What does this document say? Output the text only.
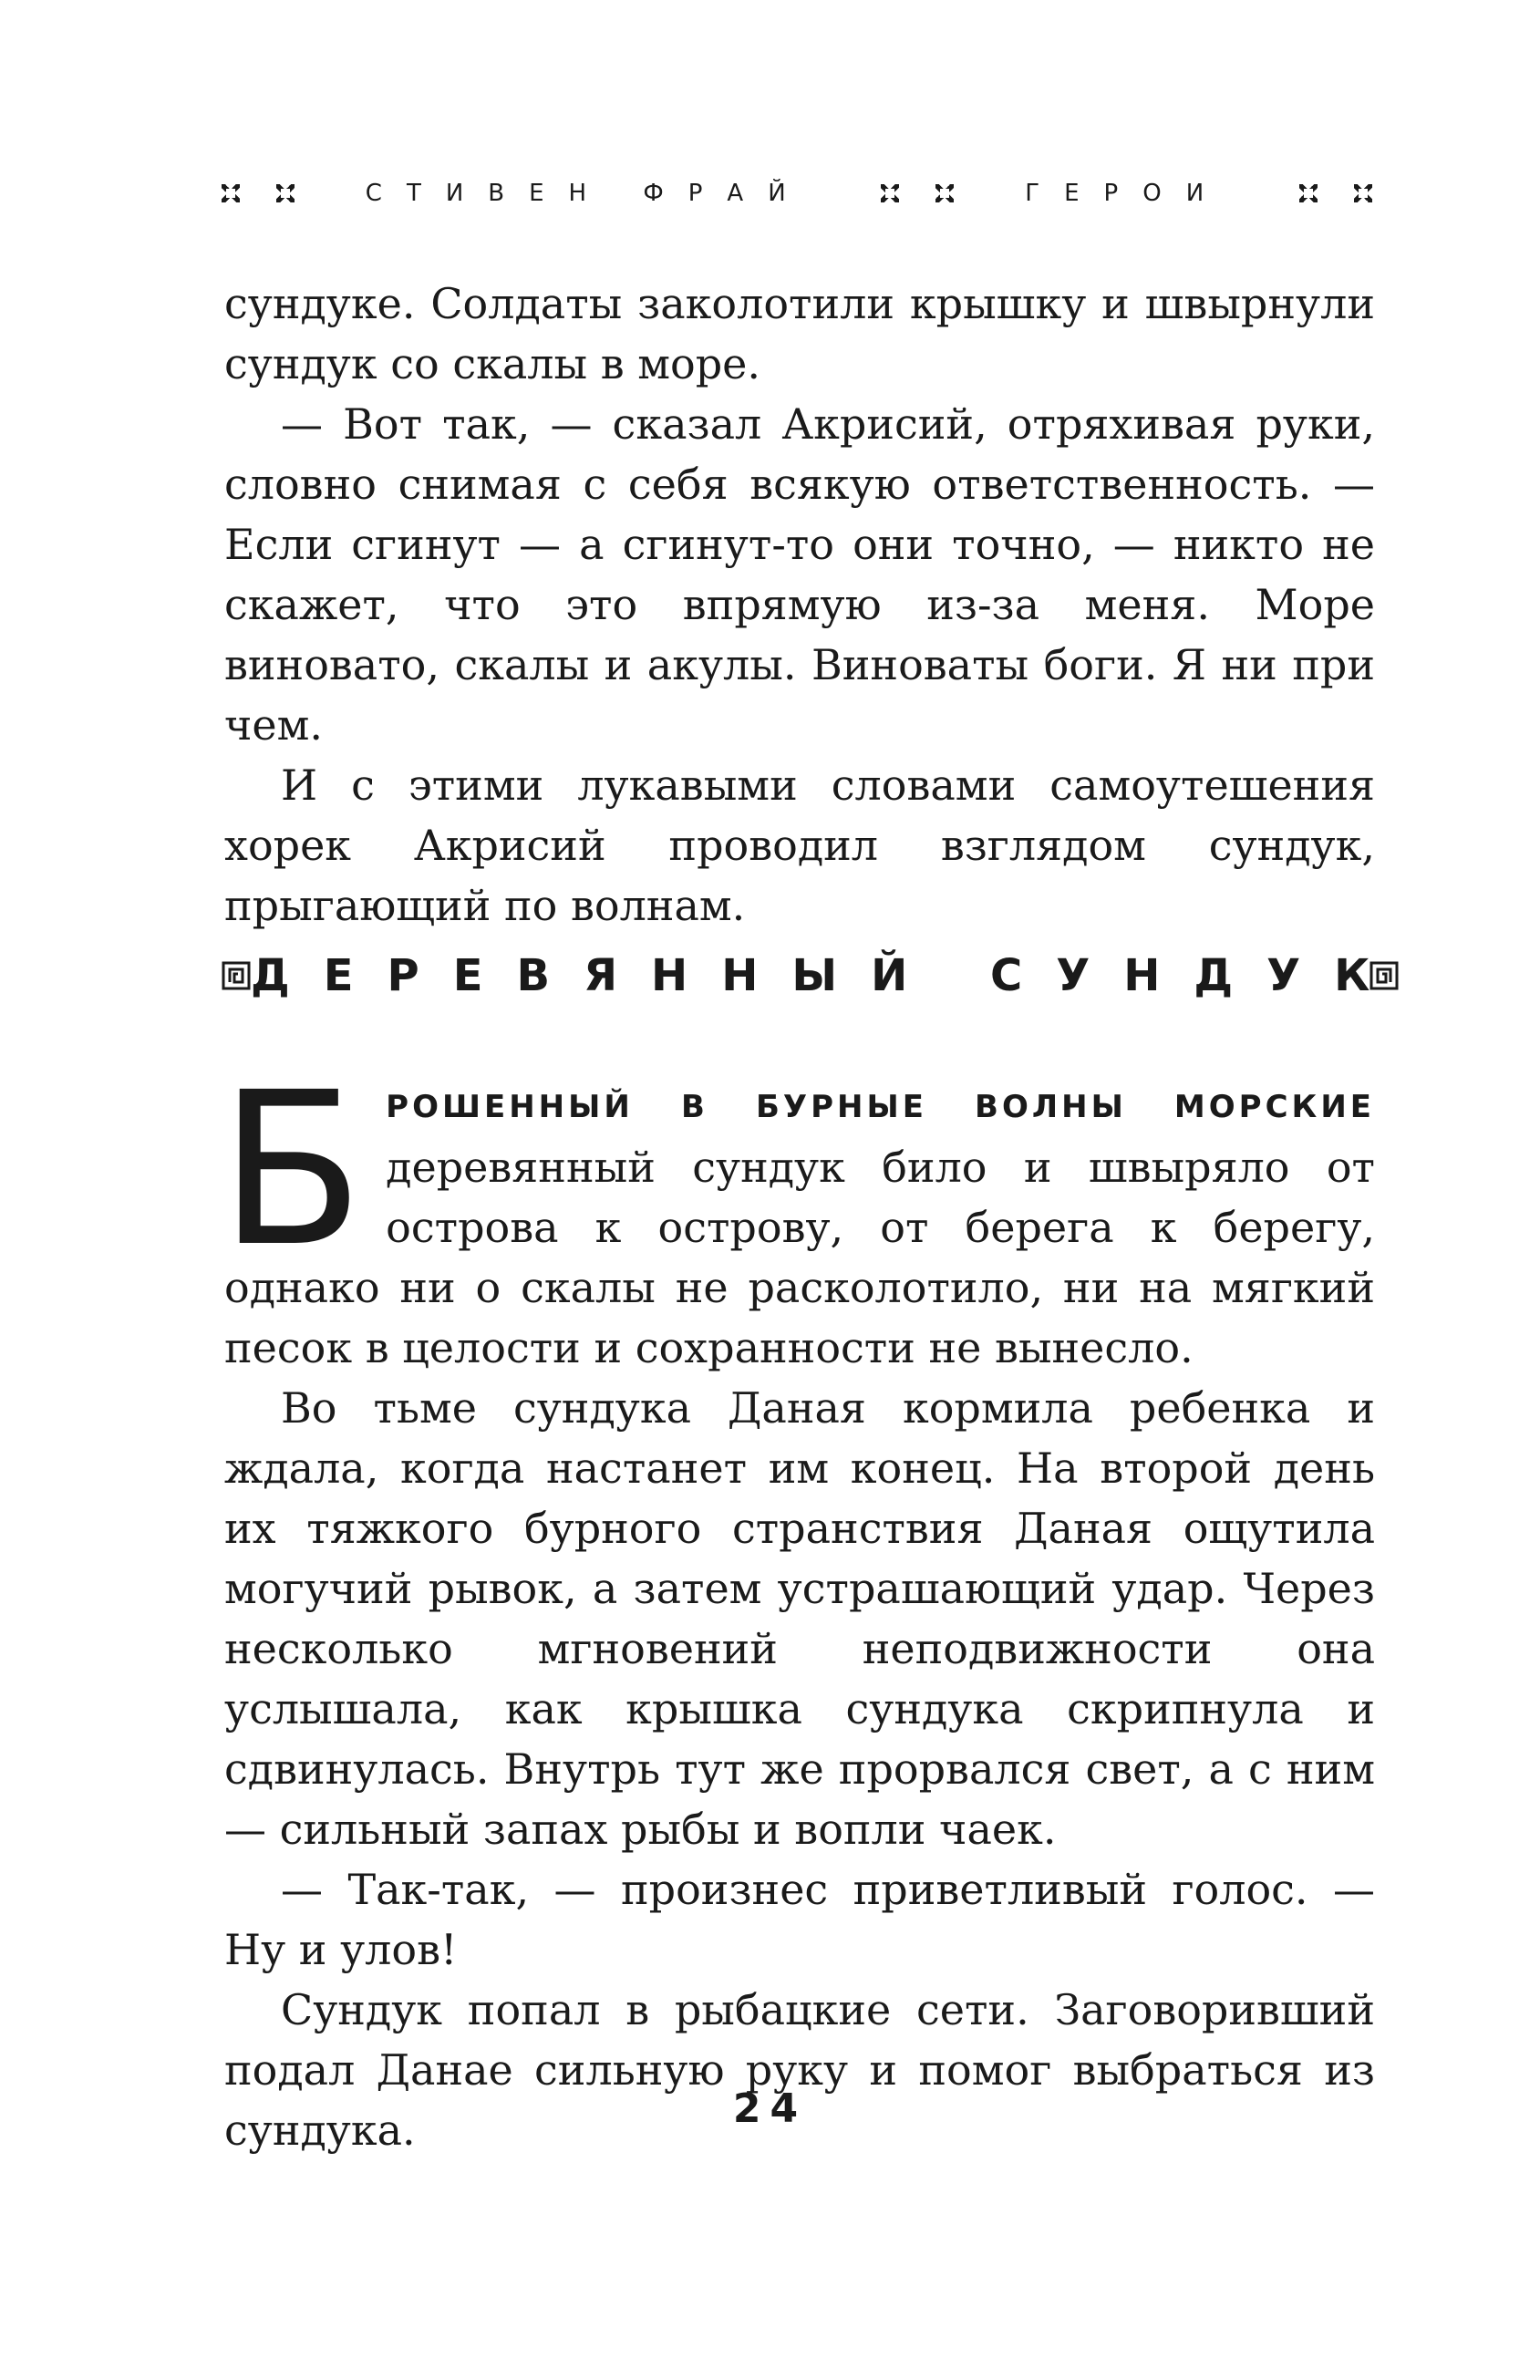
СТИВЕН ФРАЙ	ГЕРОИ

сундуке. Солдаты заколотили крышку и швырнули сундук со скалы в море.

— Вот так, — сказал Акрисий, отряхивая руки, словно снимая с себя всякую ответственность. — Если сгинут — а сгинут-то они точно, — никто не скажет, что это впрямую из-за меня. Море виновато, скалы и акулы. Виноваты боги. Я ни при чем.

И с этими лукавыми словами самоутешения хорек Акрисий проводил взглядом сундук, прыгающий по волнам.

ДЕРЕВЯННЫЙ СУНДУК

БРОШЕННЫЙ В БУРНЫЕ ВОЛНЫ МОРСКИЕ деревянный сундук било и швыряло от острова к острову, от берега к берегу, однако ни о скалы не расколотило, ни на мягкий песок в целости и сохранности не вынесло.

Во тьме сундука Даная кормила ребенка и ждала, когда настанет им конец. На второй день их тяжкого бурного странствия Даная ощутила могучий рывок, а затем устрашающий удар. Через несколько мгновений неподвижности она услышала, как крышка сундука скрипнула и сдвинулась. Внутрь тут же прорвался свет, а с ним — сильный запах рыбы и вопли чаек.

— Так-так, — произнес приветливый голос. — Ну и улов!

Сундук попал в рыбацкие сети. Заговоривший подал Данае сильную руку и помог выбраться из сундука.	24
